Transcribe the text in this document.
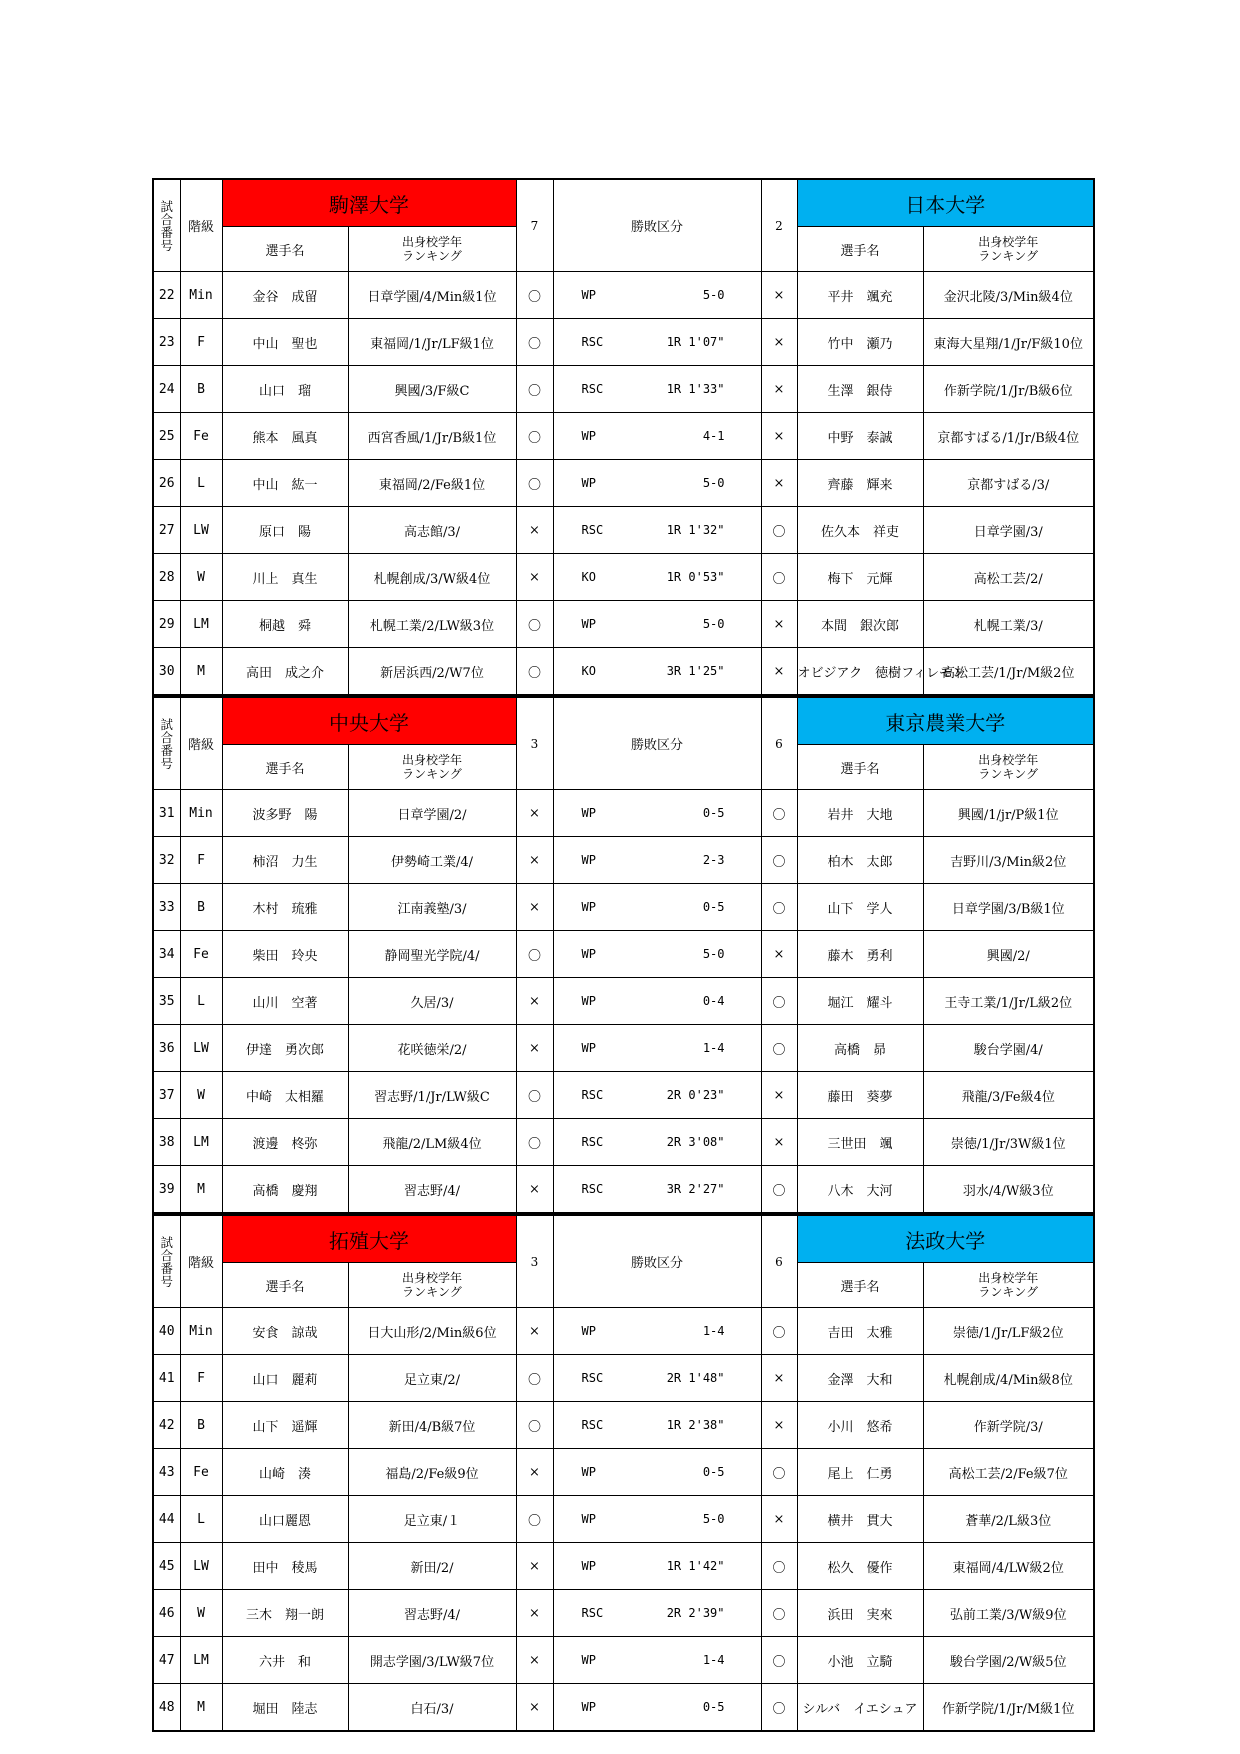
試
合
番
号	階級	駒澤大学		7	勝敗区分	2	日本大学	
		選手名	出身校学年
ランキング				選手名	出身校学年
ランキング

22	Min	金谷　成留	日章学園/4/Min級1位	〇	WP 5-0	×	平井　颯充	金沢北陵/3/Min級4位
23	F	中山　聖也	東福岡/1/Jr/LF級1位	〇	RSC 1R 1'07"	×	竹中　瀬乃	東海大星翔/1/Jr/F級10位
24	B	山口　瑠	興國/3/F級C	〇	RSC 1R 1'33"	×	生澤　銀侍	作新学院/1/Jr/B級6位
25	Fe	熊本　風真	西宮香風/1/Jr/B級1位	〇	WP 4-1	×	中野　泰誠	京都すばる/1/Jr/B級4位
26	L	中山　紘一	東福岡/2/Fe級1位	〇	WP 5-0	×	齊藤　輝来	京都すばる/3/
27	LW	原口　陽	高志館/3/	×	RSC 1R 1'32"	〇	佐久本　祥吏	日章学園/3/
28	W	川上　真生	札幌創成/3/W級4位	×	KO 1R 0'53"	〇	梅下　元輝	高松工芸/2/
29	LM	桐越　舜	札幌工業/2/LW級3位	〇	WP 5-0	×	本間　銀次郎	札幌工業/3/
30	M	高田　成之介	新居浜西/2/W7位	〇	KO 3R 1'25"	×	オビジアク　徳樹フィレモン	高松工芸/1/Jr/M級2位
試
合
番
号	階級	中央大学		3	勝敗区分	6	東京農業大学	
		選手名	出身校学年
ランキング				選手名	出身校学年
ランキング

31	Min	波多野　陽	日章学園/2/	×	WP 0-5	〇	岩井　大地	興國/1/jr/P級1位
32	F	柿沼　力生	伊勢崎工業/4/	×	WP 2-3	〇	柏木　太郎	吉野川/3/Min級2位
33	B	木村　琉雅	江南義塾/3/	×	WP 0-5	〇	山下　学人	日章学園/3/B級1位
34	Fe	柴田　玲央	静岡聖光学院/4/	〇	WP 5-0	×	藤木　勇利	興國/2/
35	L	山川　空著	久居/3/	×	WP 0-4	〇	堀江　耀斗	王寺工業/1/Jr/L級2位
36	LW	伊達　勇次郎	花咲徳栄/2/	×	WP 1-4	〇	高橋　昴	駿台学園/4/
37	W	中崎　太相羅	習志野/1/Jr/LW級C	〇	RSC 2R 0'23"	×	藤田　葵夢	飛龍/3/Fe級4位
38	LM	渡邊　柊弥	飛龍/2/LM級4位	〇	RSC 2R 3'08"	×	三世田　颯	崇徳/1/Jr/3W級1位
39	M	高橋　慶翔	習志野/4/	×	RSC 3R 2'27"	〇	八木　大河	羽水/4/W級3位
試
合
番
号	階級	拓殖大学		3	勝敗区分	6	法政大学	
		選手名	出身校学年
ランキング				選手名	出身校学年
ランキング

40	Min	安食　諒哉	日大山形/2/Min級6位	×	WP 1-4	〇	吉田　太雅	崇徳/1/Jr/LF級2位
41	F	山口　麗莉	足立東/2/	〇	RSC 2R 1'48"	×	金澤　大和	札幌創成/4/Min級8位
42	B	山下　遥輝	新田/4/B級7位	〇	RSC 1R 2'38"	×	小川　悠希	作新学院/3/
43	Fe	山崎　湊	福島/2/Fe級9位	×	WP 0-5	〇	尾上　仁勇	高松工芸/2/Fe級7位
44	L	山口麗恩	足立東/１	〇	WP 5-0	×	横井　貫大	蒼華/2/L級3位
45	LW	田中　稜馬	新田/2/	×	WP 1R 1'42"	〇	松久　優作	東福岡/4/LW級2位
46	W	三木　翔一朗	習志野/4/	×	RSC 2R 2'39"	〇	浜田　実來	弘前工業/3/W級9位
47	LM	六井　和	開志学園/3/LW級7位	×	WP 1-4	〇	小池　立騎	駿台学園/2/W級5位
48	M	堀田　陸志	白石/3/	×	WP 0-5	〇	シルバ　イエシュア	作新学院/1/Jr/M級1位
